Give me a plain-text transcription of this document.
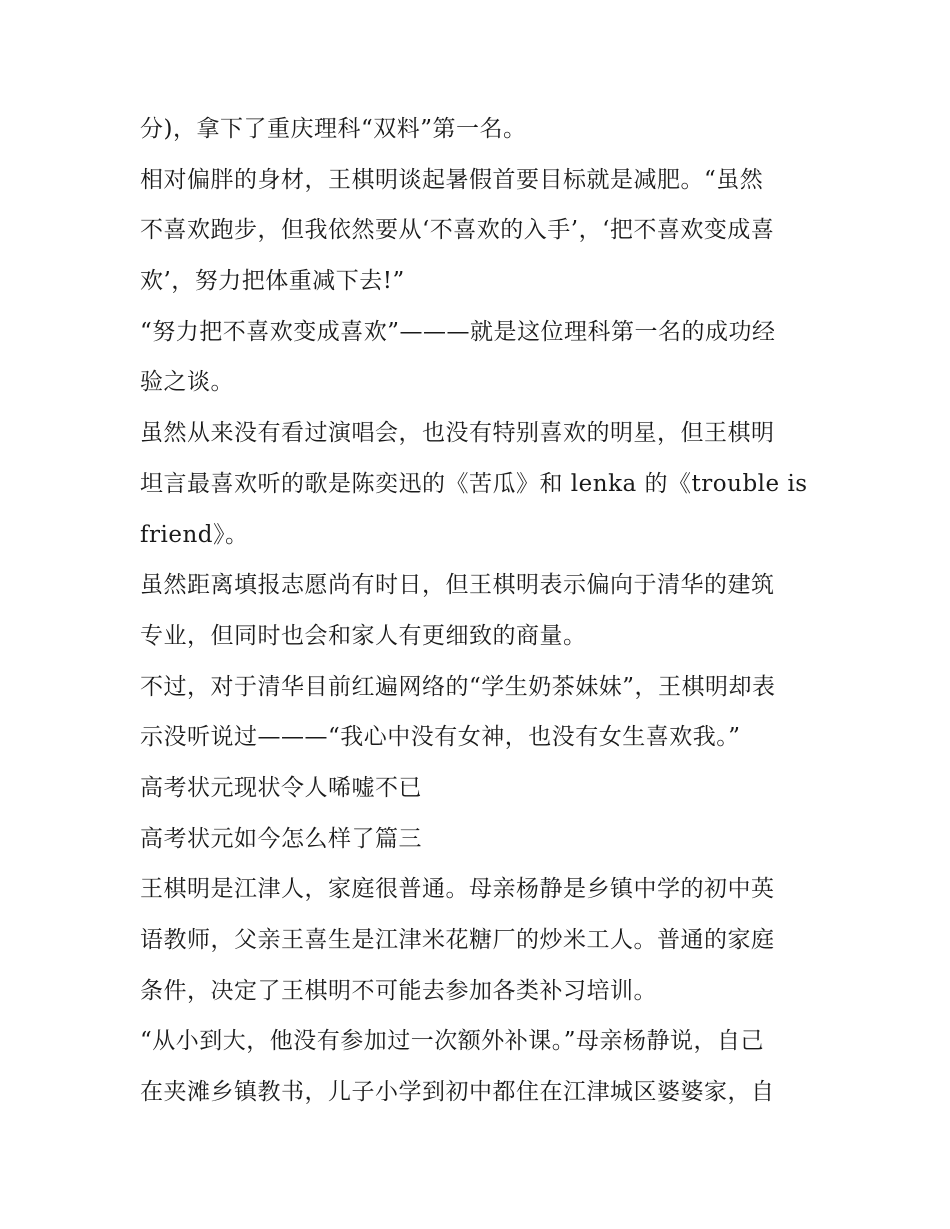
分)，拿下了重庆理科“双料”第一名。
相对偏胖的身材，王棋明谈起暑假首要目标就是减肥。“虽然
不喜欢跑步，但我依然要从‘不喜欢的入手’，‘把不喜欢变成喜
欢’，努力把体重减下去!”
“努力把不喜欢变成喜欢”———就是这位理科第一名的成功经
验之谈。
虽然从来没有看过演唱会，也没有特别喜欢的明星，但王棋明
坦言最喜欢听的歌是陈奕迅的《苦瓜》和 lenka 的《trouble is
friend》。
虽然距离填报志愿尚有时日，但王棋明表示偏向于清华的建筑
专业，但同时也会和家人有更细致的商量。
不过，对于清华目前红遍网络的“学生奶茶妹妹”，王棋明却表
示没听说过———“我心中没有女神，也没有女生喜欢我。”
高考状元现状令人唏嘘不已
高考状元如今怎么样了篇三
王棋明是江津人，家庭很普通。母亲杨静是乡镇中学的初中英
语教师，父亲王喜生是江津米花糖厂的炒米工人。普通的家庭
条件，决定了王棋明不可能去参加各类补习培训。
“从小到大，他没有参加过一次额外补课。”母亲杨静说，自己
在夹滩乡镇教书，儿子小学到初中都住在江津城区婆婆家，自
